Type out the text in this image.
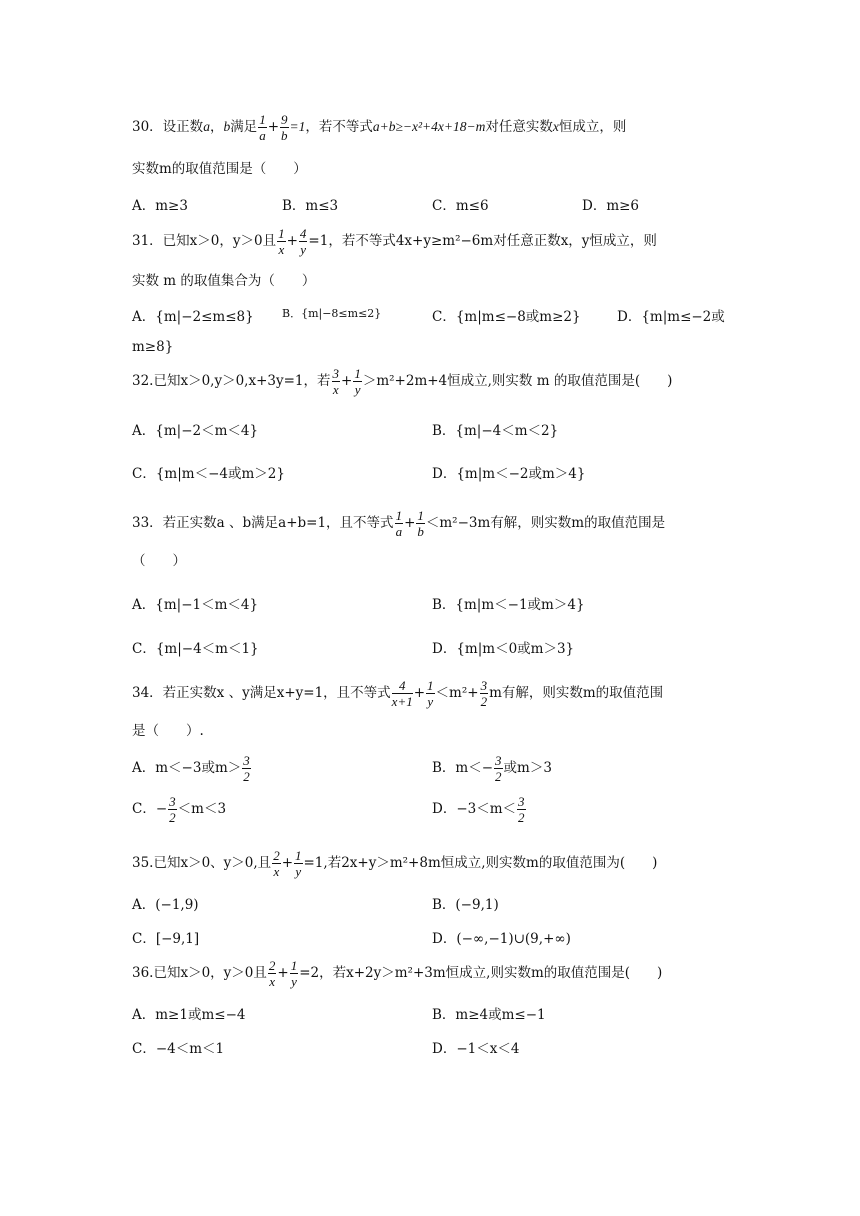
30．设正数a，b满足 $\frac{1}{a} + \frac{9}{b} =1$，若不等式a+b≥−x²+4x+18−m对任意实数x恒成立，则
实数m的取值范围是（　　）
A．m≥3	B．m≤3	C．m≤6	D．m≥6
31．已知x＞0，y＞0且 $\frac{1}{x} + \frac{4}{y} =1$，若不等式4x+y≥m²−6m对任意正数x，y恒成立，则
实数 m 的取值集合为（　　）
A．{m|−2≤m≤8}	B．{m|−8≤m≤2}	C．{m|m≤−8或m≥2}	D．{m|m≤−2或
m≥8}
32.已知x＞0,y＞0,x+3y=1，若 $\frac{3}{x} + \frac{1}{y} >m^2+2m+4$恒成立,则实数 m 的取值范围是(　　)
A．{m|−2＜m＜4}	B．{m|−4＜m＜2}
C．{m|m＜−4或m＞2}	D．{m|m＜−2或m＞4}
33．若正实数a 、b满足a+b=1，且不等式 $\frac{1}{a} + \frac{1}{b} <m^2-3m$有解，则实数m的取值范围是
（　　）
A．{m|−1＜m＜4}	B．{m|m＜−1或m＞4}
C．{m|−4＜m＜1}	D．{m|m＜0或m＞3}
34．若正实数x 、y满足x+y=1，且不等式 $\frac{4}{x+1} + \frac{1}{y} <m^2+ \frac{3}{2}$ m有解，则实数m的取值范围
是（　　）.
A．m＜−3或$m> \frac{3}{2}$	B．$m<- \frac{3}{2}$ 或m＞3
C．− $\frac{3}{2} <m<3$	D．$-3<m< \frac{3}{2}$
35.已知x＞0、y＞0,且 $\frac{2}{x} + \frac{1}{y} =1$,若2x+y＞m²+8m恒成立,则实数m的取值范围为(　　)
A．(−1,9)	B．(−9,1)
C．[−9,1]	D．(−∞,−1)∪(9,+∞)
36.已知x＞0，y＞0且 $\frac{2}{x} + \frac{1}{y} =2$，若x+2y＞m²+3m恒成立,则实数m的取值范围是(　　)
A．m≥1或m≤−4	B．m≥4或m≤−1
C．−4＜m＜1	D．−1＜x＜4
